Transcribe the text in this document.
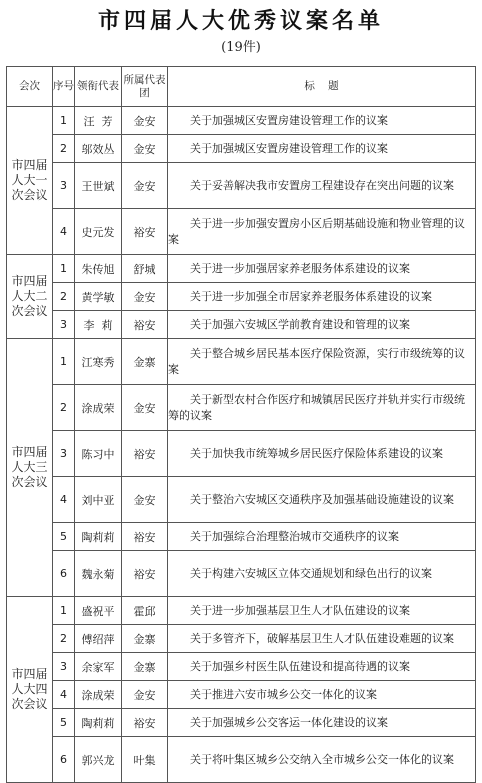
市四届人大优秀议案名单
(19件)
会次	序号	领衔代表	所属代表团	标    题
市四届人大一次会议	1	汪  芳	金安	关于加强城区安置房建设管理工作的议案
	2	邬效丛	金安	关于加强城区安置房建设管理工作的议案
	3	王世斌	金安	关于妥善解决我市安置房工程建设存在突出问题的议案
	4	史元发	裕安	关于进一步加强安置房小区后期基础设施和物业管理的议案
市四届人大二次会议	1	朱传旭	舒城	关于进一步加强居家养老服务体系建设的议案
	2	黄学敏	金安	关于进一步加强全市居家养老服务体系建设的议案
	3	李  莉	裕安	关于加强六安城区学前教育建设和管理的议案
市四届人大三次会议	1	江寒秀	金寨	关于整合城乡居民基本医疗保险资源，实行市级统筹的议案
	2	涂成荣	金安	关于新型农村合作医疗和城镇居民医疗并轨并实行市级统筹的议案
	3	陈习中	裕安	关于加快我市统筹城乡居民医疗保险体系建设的议案
	4	刘中亚	金安	关于整治六安城区交通秩序及加强基础设施建设的议案
	5	陶莉莉	裕安	关于加强综合治理整治城市交通秩序的议案
	6	魏永菊	裕安	关于构建六安城区立体交通规划和绿色出行的议案
市四届人大四次会议	1	盛祝平	霍邱	关于进一步加强基层卫生人才队伍建设的议案
	2	傅绍萍	金寨	关于多管齐下，破解基层卫生人才队伍建设难题的议案
	3	余家军	金寨	关于加强乡村医生队伍建设和提高待遇的议案
	4	涂成荣	金安	关于推进六安市城乡公交一体化的议案
	5	陶莉莉	裕安	关于加强城乡公交客运一体化建设的议案
	6	郭兴龙	叶集	关于将叶集区城乡公交纳入全市城乡公交一体化的议案
